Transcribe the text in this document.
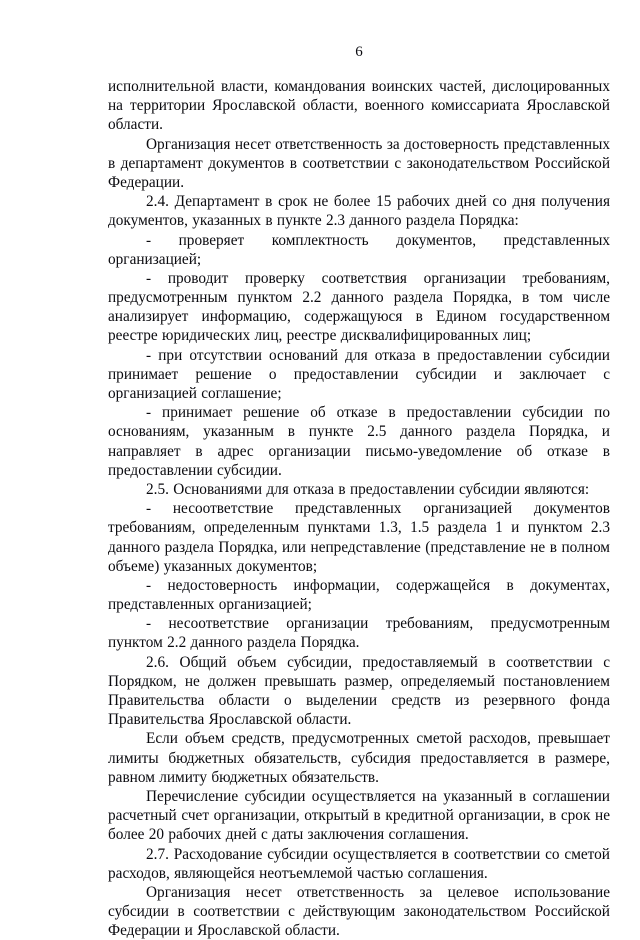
6

исполнительной власти, командования воинских частей, дислоцированных на территории Ярославской области, военного комиссариата Ярославской области.

Организация несет ответственность за достоверность представленных в департамент документов в соответствии с законодательством Российской Федерации.

2.4. Департамент в срок не более 15 рабочих дней со дня получения документов, указанных в пункте 2.3 данного раздела Порядка:

- проверяет комплектность документов, представленных организацией;

- проводит проверку соответствия организации требованиям, предусмотренным пунктом 2.2 данного раздела Порядка, в том числе анализирует информацию, содержащуюся в Едином государственном реестре юридических лиц, реестре дисквалифицированных лиц;

- при отсутствии оснований для отказа в предоставлении субсидии принимает решение о предоставлении субсидии и заключает с организацией соглашение;

- принимает решение об отказе в предоставлении субсидии по основаниям, указанным в пункте 2.5 данного раздела Порядка, и направляет в адрес организации письмо-уведомление об отказе в предоставлении субсидии.

2.5. Основаниями для отказа в предоставлении субсидии являются:

- несоответствие представленных организацией документов требованиям, определенным пунктами 1.3, 1.5 раздела 1 и пунктом 2.3 данного раздела Порядка, или непредставление (представление не в полном объеме) указанных документов;

- недостоверность информации, содержащейся в документах, представленных организацией;

- несоответствие организации требованиям, предусмотренным пунктом 2.2 данного раздела Порядка.

2.6. Общий объем субсидии, предоставляемый в соответствии с Порядком, не должен превышать размер, определяемый постановлением Правительства области о выделении средств из резервного фонда Правительства Ярославской области.

Если объем средств, предусмотренных сметой расходов, превышает лимиты бюджетных обязательств, субсидия предоставляется в размере, равном лимиту бюджетных обязательств.

Перечисление субсидии осуществляется на указанный в соглашении расчетный счет организации, открытый в кредитной организации, в срок не более 20 рабочих дней с даты заключения соглашения.

2.7. Расходование субсидии осуществляется в соответствии со сметой расходов, являющейся неотъемлемой частью соглашения.

Организация несет ответственность за целевое использование субсидии в соответствии с действующим законодательством Российской Федерации и Ярославской области.
